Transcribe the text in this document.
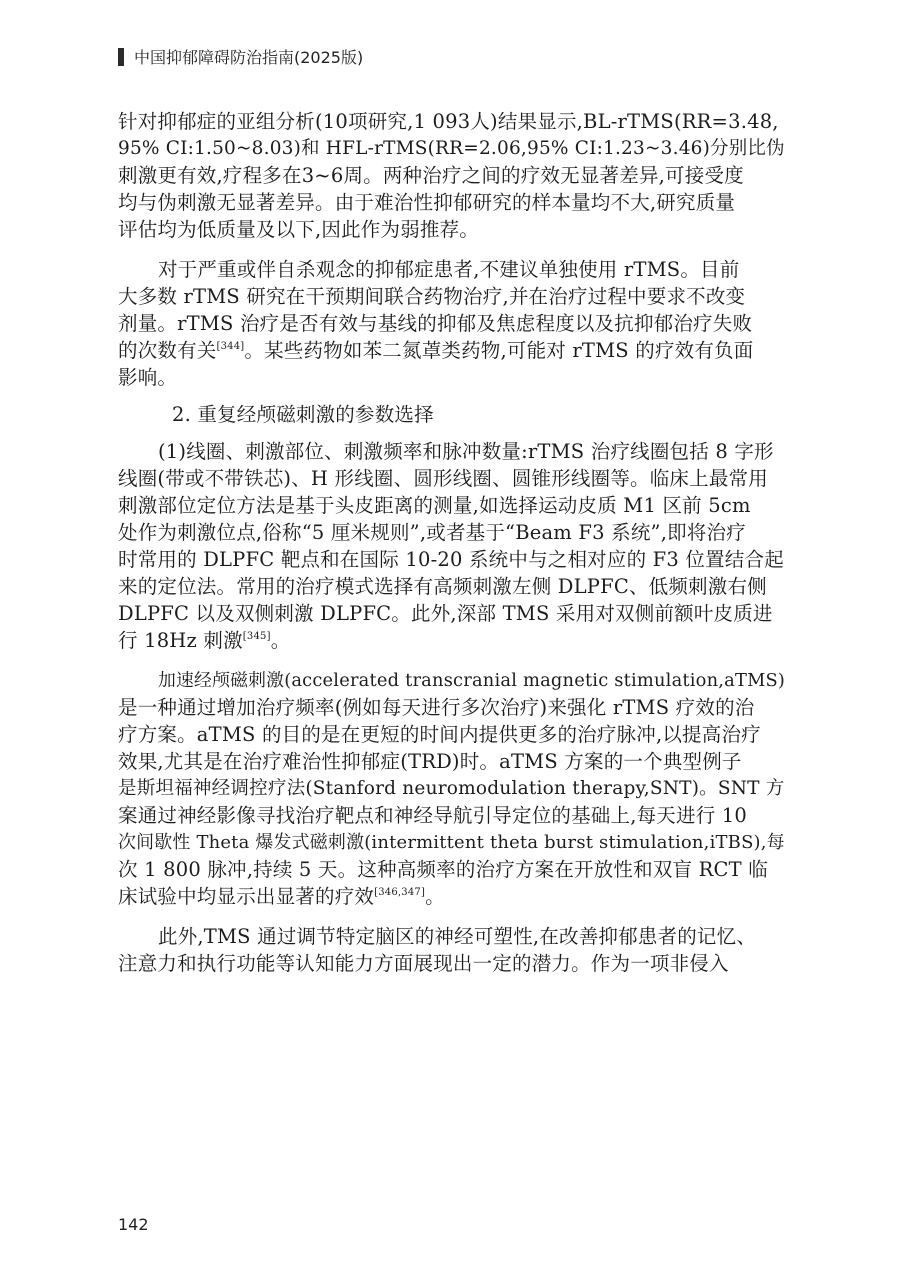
中国抑郁障碍防治指南(2025版)
针对抑郁症的亚组分析(10项研究,1 093人)结果显示,BL-rTMS(RR=3.48,
95% CI:1.50~8.03)和 HFL-rTMS(RR=2.06,95% CI:1.23~3.46)分别比伪
刺激更有效,疗程多在3~6周。两种治疗之间的疗效无显著差异,可接受度
均与伪刺激无显著差异。由于难治性抑郁研究的样本量均不大,研究质量
评估均为低质量及以下,因此作为弱推荐。
对于严重或伴自杀观念的抑郁症患者,不建议单独使用 rTMS。目前
大多数 rTMS 研究在干预期间联合药物治疗,并在治疗过程中要求不改变
剂量。rTMS 治疗是否有效与基线的抑郁及焦虑程度以及抗抑郁治疗失败
的次数有关[344]。某些药物如苯二氮䓬类药物,可能对 rTMS 的疗效有负面
影响。
2. 重复经颅磁刺激的参数选择
(1)线圈、刺激部位、刺激频率和脉冲数量:rTMS 治疗线圈包括 8 字形
线圈(带或不带铁芯)、H 形线圈、圆形线圈、圆锥形线圈等。临床上最常用
刺激部位定位方法是基于头皮距离的测量,如选择运动皮质 M1 区前 5cm
处作为刺激位点,俗称“5 厘米规则”,或者基于“Beam F3 系统”,即将治疗
时常用的 DLPFC 靶点和在国际 10-20 系统中与之相对应的 F3 位置结合起
来的定位法。常用的治疗模式选择有高频刺激左侧 DLPFC、低频刺激右侧
DLPFC 以及双侧刺激 DLPFC。此外,深部 TMS 采用对双侧前额叶皮质进
行 18Hz 刺激[345]。
加速经颅磁刺激(accelerated transcranial magnetic stimulation,aTMS)
是一种通过增加治疗频率(例如每天进行多次治疗)来强化 rTMS 疗效的治
疗方案。aTMS 的目的是在更短的时间内提供更多的治疗脉冲,以提高治疗
效果,尤其是在治疗难治性抑郁症(TRD)时。aTMS 方案的一个典型例子
是斯坦福神经调控疗法(Stanford neuromodulation therapy,SNT)。SNT 方
案通过神经影像寻找治疗靶点和神经导航引导定位的基础上,每天进行 10
次间歇性 Theta 爆发式磁刺激(intermittent theta burst stimulation,iTBS),每
次 1 800 脉冲,持续 5 天。这种高频率的治疗方案在开放性和双盲 RCT 临
床试验中均显示出显著的疗效[346,347]。
此外,TMS 通过调节特定脑区的神经可塑性,在改善抑郁患者的记忆、
注意力和执行功能等认知能力方面展现出一定的潜力。作为一项非侵入
142
